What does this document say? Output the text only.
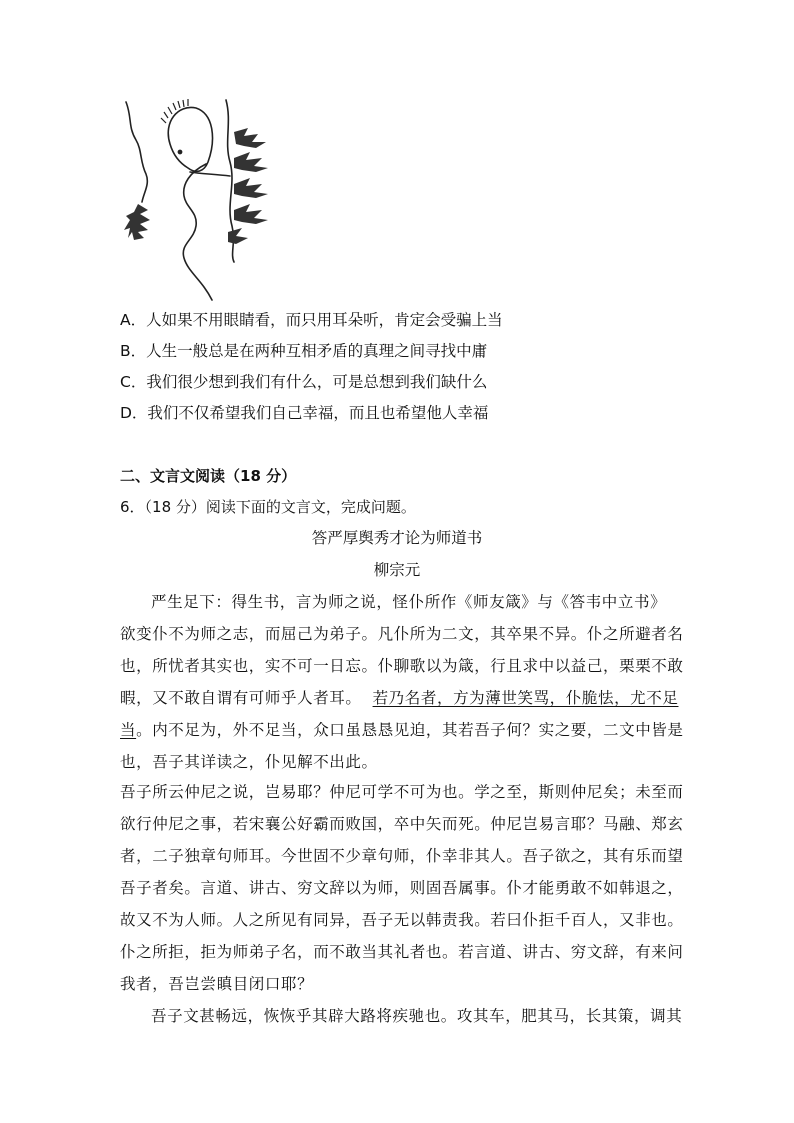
A．人如果不用眼睛看，而只用耳朵听，肯定会受骗上当
B．人生一般总是在两种互相矛盾的真理之间寻找中庸
C．我们很少想到我们有什么，可是总想到我们缺什么
D．我们不仅希望我们自己幸福，而且也希望他人幸福
二、文言文阅读（18 分）
6．（18 分）阅读下面的文言文，完成问题。
答严厚舆秀才论为师道书
柳宗元
严生足下：得生书，言为师之说，怪仆所作《师友箴》与《答韦中立书》
欲变仆不为师之志，而屈己为弟子。凡仆所为二文，其卒果不异。仆之所避者名
也，所忧者其实也，实不可一日忘。仆聊歌以为箴，行且求中以益己，栗栗不敢
暇，又不敢自谓有可师乎人者耳。 若乃名者，方为薄世笑骂，仆脆怯，尤不足
当。内不足为，外不足当，众口虽恳恳见迫，其若吾子何？实之要，二文中皆是
也，吾子其详读之，仆见解不出此。
吾子所云仲尼之说，岂易耶？仲尼可学不可为也。学之至，斯则仲尼矣；未至而
欲行仲尼之事，若宋襄公好霸而败国，卒中矢而死。仲尼岂易言耶？马融、郑玄
者，二子独章句师耳。今世固不少章句师，仆幸非其人。吾子欲之，其有乐而望
吾子者矣。言道、讲古、穷文辞以为师，则固吾属事。仆才能勇敢不如韩退之，
故又不为人师。人之所见有同异，吾子无以韩责我。若曰仆拒千百人，又非也。
仆之所拒，拒为师弟子名，而不敢当其礼者也。若言道、讲古、穷文辞，有来问
我者，吾岂尝瞋目闭口耶？
吾子文甚畅远，恢恢乎其辟大路将疾驰也。攻其车，肥其马，长其策，调其
